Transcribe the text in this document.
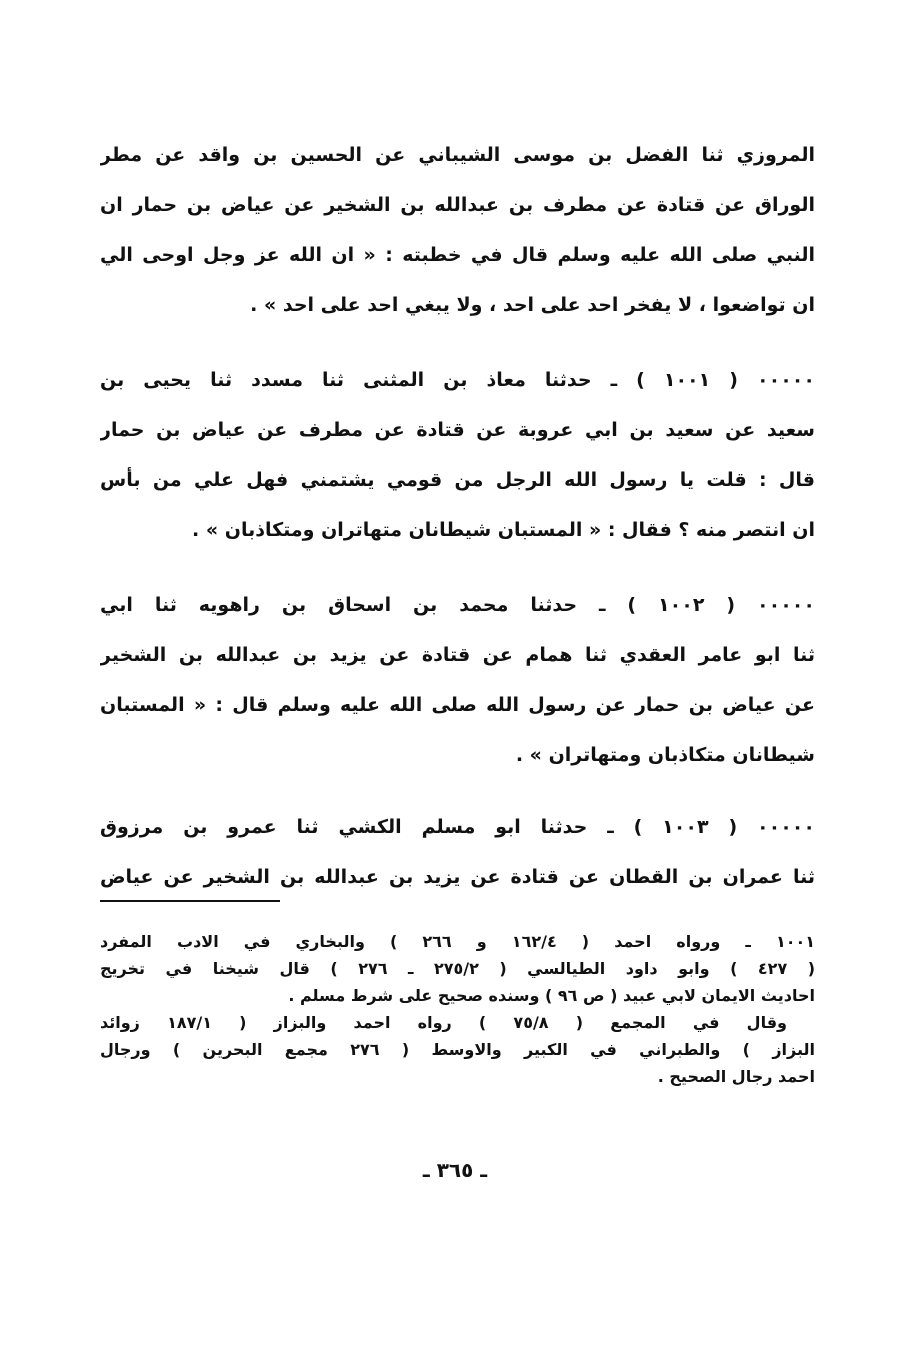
المروزي ثنا الفضل بن موسى الشيباني عن الحسين بن واقد عن مطر
الوراق عن قتادة عن مطرف بن عبدالله بن الشخير عن عياض بن حمار ان
النبي صلى الله عليه وسلم قال في خطبته : « ان الله عز وجل اوحى الي
ان تواضعوا ، لا يفخر احد على احد ، ولا يبغي احد على احد » .
٠٠٠٠٠ ( ١٠٠١ ) ـ حدثنا معاذ بن المثنى ثنا مسدد ثنا يحيى بن
سعيد عن سعيد بن ابي عروبة عن قتادة عن مطرف عن عياض بن حمار
قال : قلت يا رسول الله الرجل من قومي يشتمني فهل علي من بأس
ان انتصر منه ؟ فقال : « المستبان شيطانان متهاتران ومتكاذبان » .
٠٠٠٠٠ ( ١٠٠٢ ) ـ حدثنا محمد بن اسحاق بن راهويه ثنا ابي
ثنا ابو عامر العقدي ثنا همام عن قتادة عن يزيد بن عبدالله بن الشخير
عن عياض بن حمار عن رسول الله صلى الله عليه وسلم قال : « المستبان
شيطانان متكاذبان ومتهاتران » .
٠٠٠٠٠ ( ١٠٠٣ ) ـ حدثنا ابو مسلم الكشي ثنا عمرو بن مرزوق
ثنا عمران بن القطان عن قتادة عن يزيد بن عبدالله بن الشخير عن عياض
١٠٠١ ـ ورواه احمد ( ١٦٢/٤ و ٢٦٦ ) والبخاري في الادب المفرد
( ٤٢٧ ) وابو داود الطيالسي ( ٢٧٥/٢ ـ ٢٧٦ ) قال شيخنا في تخريج
احاديث الايمان لابي عبيد ( ص ٩٦ ) وسنده صحيح على شرط مسلم .
وقال في المجمع ( ٧٥/٨ ) رواه احمد والبزاز ( ١٨٧/١ زوائد
البزاز ) والطبراني في الكبير والاوسط ( ٢٧٦ مجمع البحرين ) ورجال
احمد رجال الصحيح .
ـ ٣٦٥ ـ
